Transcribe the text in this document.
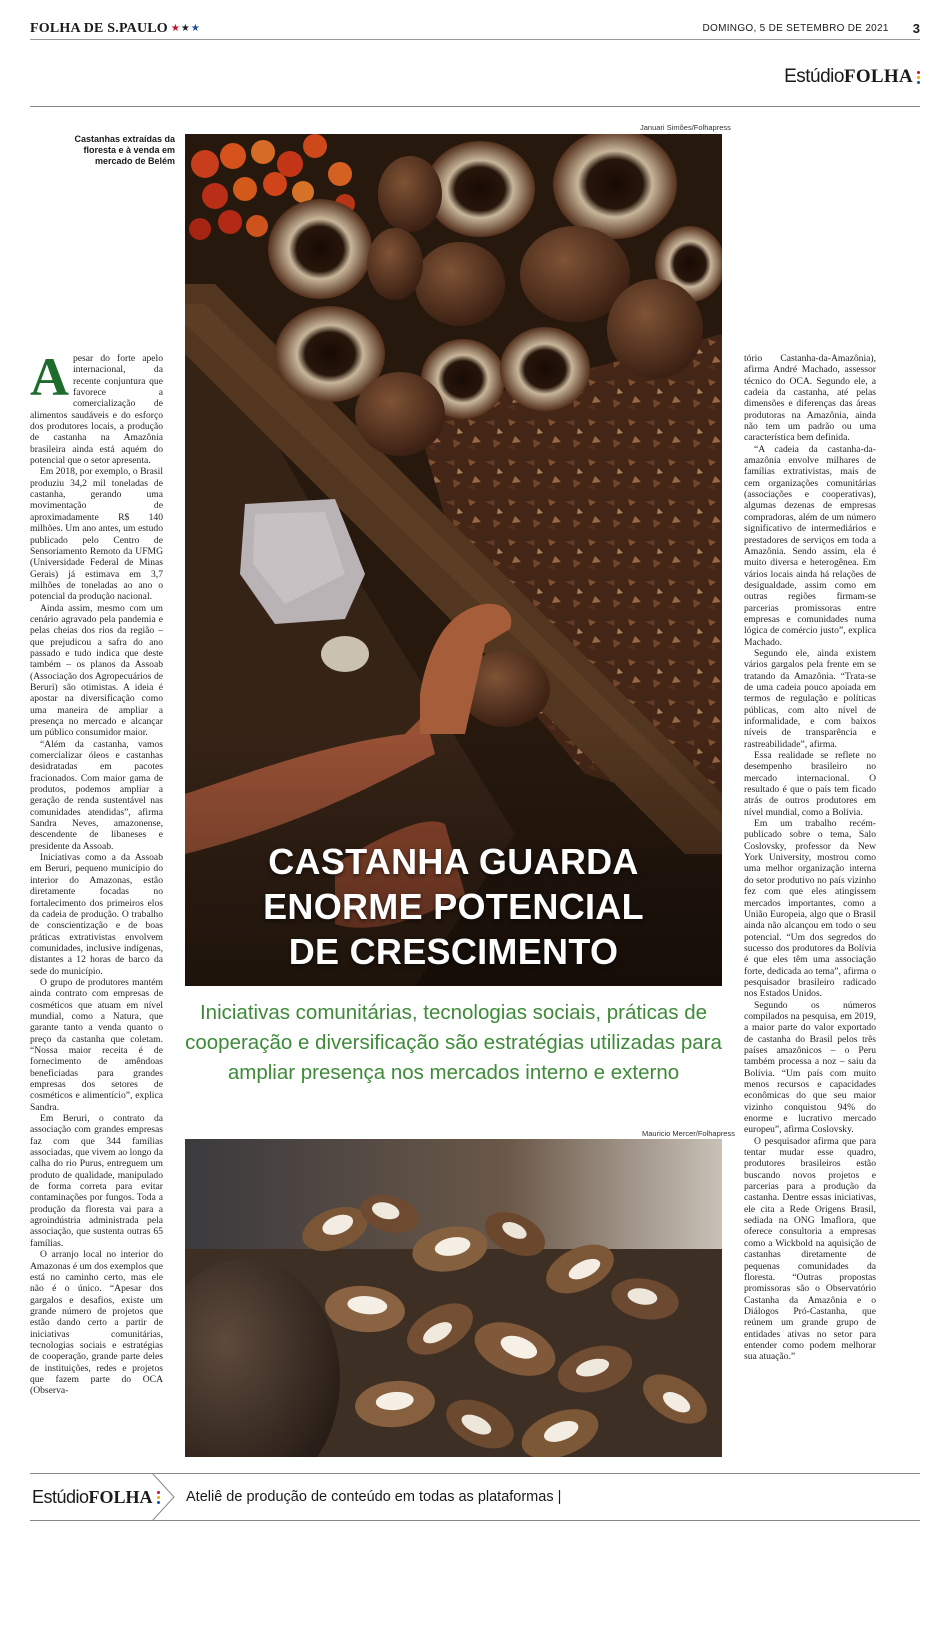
FOLHA DE S.PAULO ★★★	DOMINGO, 5 DE SETEMBRO DE 2021 3
Estúdio FOLHA
Castanhas extraídas da floresta e à venda em mercado de Belém
Januari Simões/Folhapress
CASTANHA GUARDA
ENORME POTENCIAL
DE CRESCIMENTO
Iniciativas comunitárias, tecnologias sociais, práticas de cooperação e diversificação são estratégias utilizadas para ampliar presença nos mercados interno e externo
Mauricio Mercer/Folhapress

Apesar do forte apelo internacional, da recente conjuntura que favorece a comercialização de alimentos saudáveis e do esforço dos produtores locais, a produção de castanha na Amazônia brasileira ainda está aquém do potencial que o setor apresenta.

Em 2018, por exemplo, o Brasil produziu 34,2 mil toneladas de castanha, gerando uma movimentação de aproximadamente R$ 140 milhões. Um ano antes, um estudo publicado pelo Centro de Sensoriamento Remoto da UFMG (Universidade Federal de Minas Gerais) já estimava em 3,7 milhões de toneladas ao ano o potencial da produção nacional.

Ainda assim, mesmo com um cenário agravado pela pandemia e pelas cheias dos rios da região – que prejudicou a safra do ano passado e tudo indica que deste também – os planos da Assoab (Associação dos Agropecuários de Beruri) são otimistas. A ideia é apostar na diversificação como uma maneira de ampliar a presença no mercado e alcançar um público consumidor maior.

“Além da castanha, vamos comercializar óleos e castanhas desidratadas em pacotes fracionados. Com maior gama de produtos, podemos ampliar a geração de renda sustentável nas comunidades atendidas”, afirma Sandra Neves, amazonense, descendente de libaneses e presidente da Assoab.

Iniciativas como a da Assoab em Beruri, pequeno município do interior do Amazonas, estão diretamente focadas no fortalecimento dos primeiros elos da cadeia de produção. O trabalho de conscientização e de boas práticas extrativistas envolvem comunidades, inclusive indígenas, distantes a 12 horas de barco da sede do município.

O grupo de produtores mantém ainda contrato com empresas de cosméticos que atuam em nível mundial, como a Natura, que garante tanto a venda quanto o preço da castanha que coletam. “Nossa maior receita é de fornecimento de amêndoas beneficiadas para grandes empresas dos setores de cosméticos e alimentício”, explica Sandra.

Em Beruri, o contrato da associação com grandes empresas faz com que 344 famílias associadas, que vivem ao longo da calha do rio Purus, entreguem um produto de qualidade, manipulado de forma correta para evitar contaminações por fungos. Toda a produção da floresta vai para a agroindústria administrada pela associação, que sustenta outras 65 famílias.

O arranjo local no interior do Amazonas é um dos exemplos que está no caminho certo, mas ele não é o único. “Apesar dos gargalos e desafios, existe um grande número de projetos que estão dando certo a partir de iniciativas comunitárias, tecnologias sociais e estratégias de cooperação, grande parte deles de instituições, redes e projetos que fazem parte do OCA (Observa-

tório Castanha-da-Amazônia), afirma André Machado, assessor técnico do OCA. Segundo ele, a cadeia da castanha, até pelas dimensões e diferenças das áreas produtoras na Amazônia, ainda não tem um padrão ou uma característica bem definida.

“A cadeia da castanha-da-amazônia envolve milhares de famílias extrativistas, mais de cem organizações comunitárias (associações e cooperativas), algumas dezenas de empresas compradoras, além de um número significativo de intermediários e prestadores de serviços em toda a Amazônia. Sendo assim, ela é muito diversa e heterogênea. Em vários locais ainda há relações de desigualdade, assim como em outras regiões firmam-se parcerias promissoras entre empresas e comunidades numa lógica de comércio justo”, explica Machado.

Segundo ele, ainda existem vários gargalos pela frente em se tratando da Amazônia. “Trata-se de uma cadeia pouco apoiada em termos de regulação e políticas públicas, com alto nível de informalidade, e com baixos níveis de transparência e rastreabilidade”, afirma.

Essa realidade se reflete no desempenho brasileiro no mercado internacional. O resultado é que o país tem ficado atrás de outros produtores em nível mundial, como a Bolívia.

Em um trabalho recém-publicado sobre o tema, Salo Coslovsky, professor da New York University, mostrou como uma melhor organização interna do setor produtivo no país vizinho fez com que eles atingissem mercados importantes, como a União Europeia, algo que o Brasil ainda não alcançou em todo o seu potencial. “Um dos segredos do sucesso dos produtores da Bolívia é que eles têm uma associação forte, dedicada ao tema”, afirma o pesquisador brasileiro radicado nos Estados Unidos.

Segundo os números compilados na pesquisa, em 2019, a maior parte do valor exportado de castanha do Brasil pelos três países amazônicos – o Peru também processa a noz – saiu da Bolívia. “Um país com muito menos recursos e capacidades econômicas do que seu maior vizinho conquistou 94% do enorme e lucrativo mercado europeu”, afirma Coslovsky.

O pesquisador afirma que para tentar mudar esse quadro, produtores brasileiros estão buscando novos projetos e parcerias para a produção da castanha. Dentre essas iniciativas, ele cita a Rede Origens Brasil, sediada na ONG Imaflora, que oferece consultoria a empresas como a Wickbold na aquisição de castanhas diretamente de pequenas comunidades da floresta. “Outras propostas promissoras são o Observatório Castanha da Amazônia e o Diálogos Pró-Castanha, que reúnem um grande grupo de entidades ativas no setor para entender como podem melhorar sua atuação.”

Estúdio FOLHA Ateliê de produção de conteúdo em todas as plataformas |
